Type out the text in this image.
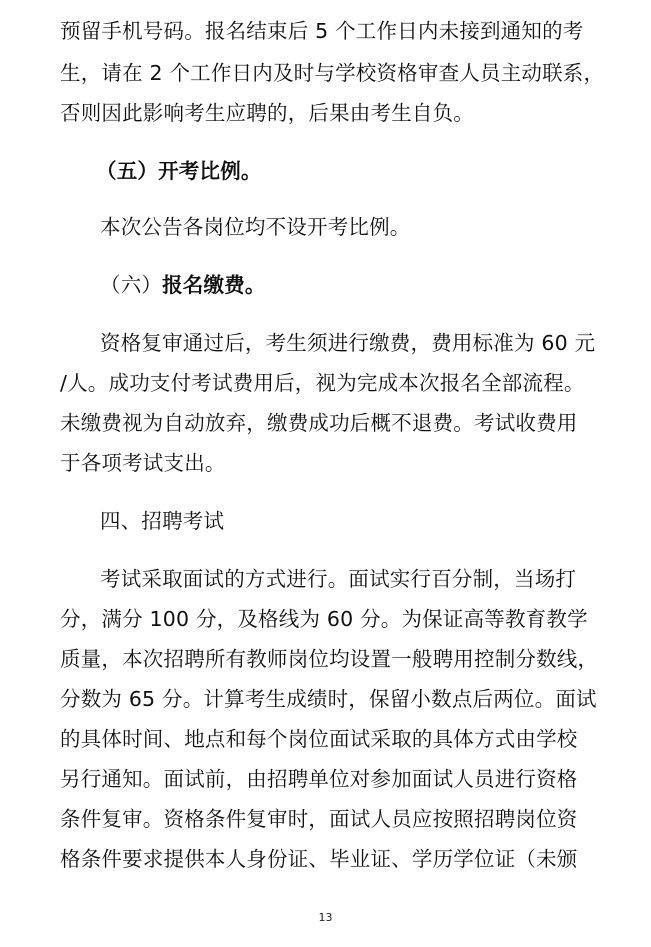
预留手机号码。报名结束后 5 个工作日内未接到通知的考
生，请在 2 个工作日内及时与学校资格审查人员主动联系，
否则因此影响考生应聘的，后果由考生自负。
（五）开考比例。
本次公告各岗位均不设开考比例。
（六）报名缴费。
资格复审通过后，考生须进行缴费，费用标准为 60 元
/人。成功支付考试费用后，视为完成本次报名全部流程。
未缴费视为自动放弃，缴费成功后概不退费。考试收费用
于各项考试支出。
四、招聘考试
考试采取面试的方式进行。面试实行百分制，当场打
分，满分 100 分，及格线为 60 分。为保证高等教育教学
质量，本次招聘所有教师岗位均设置一般聘用控制分数线，
分数为 65 分。计算考生成绩时，保留小数点后两位。面试
的具体时间、地点和每个岗位面试采取的具体方式由学校
另行通知。面试前，由招聘单位对参加面试人员进行资格
条件复审。资格条件复审时，面试人员应按照招聘岗位资
格条件要求提供本人身份证、毕业证、学历学位证（未颁
13
